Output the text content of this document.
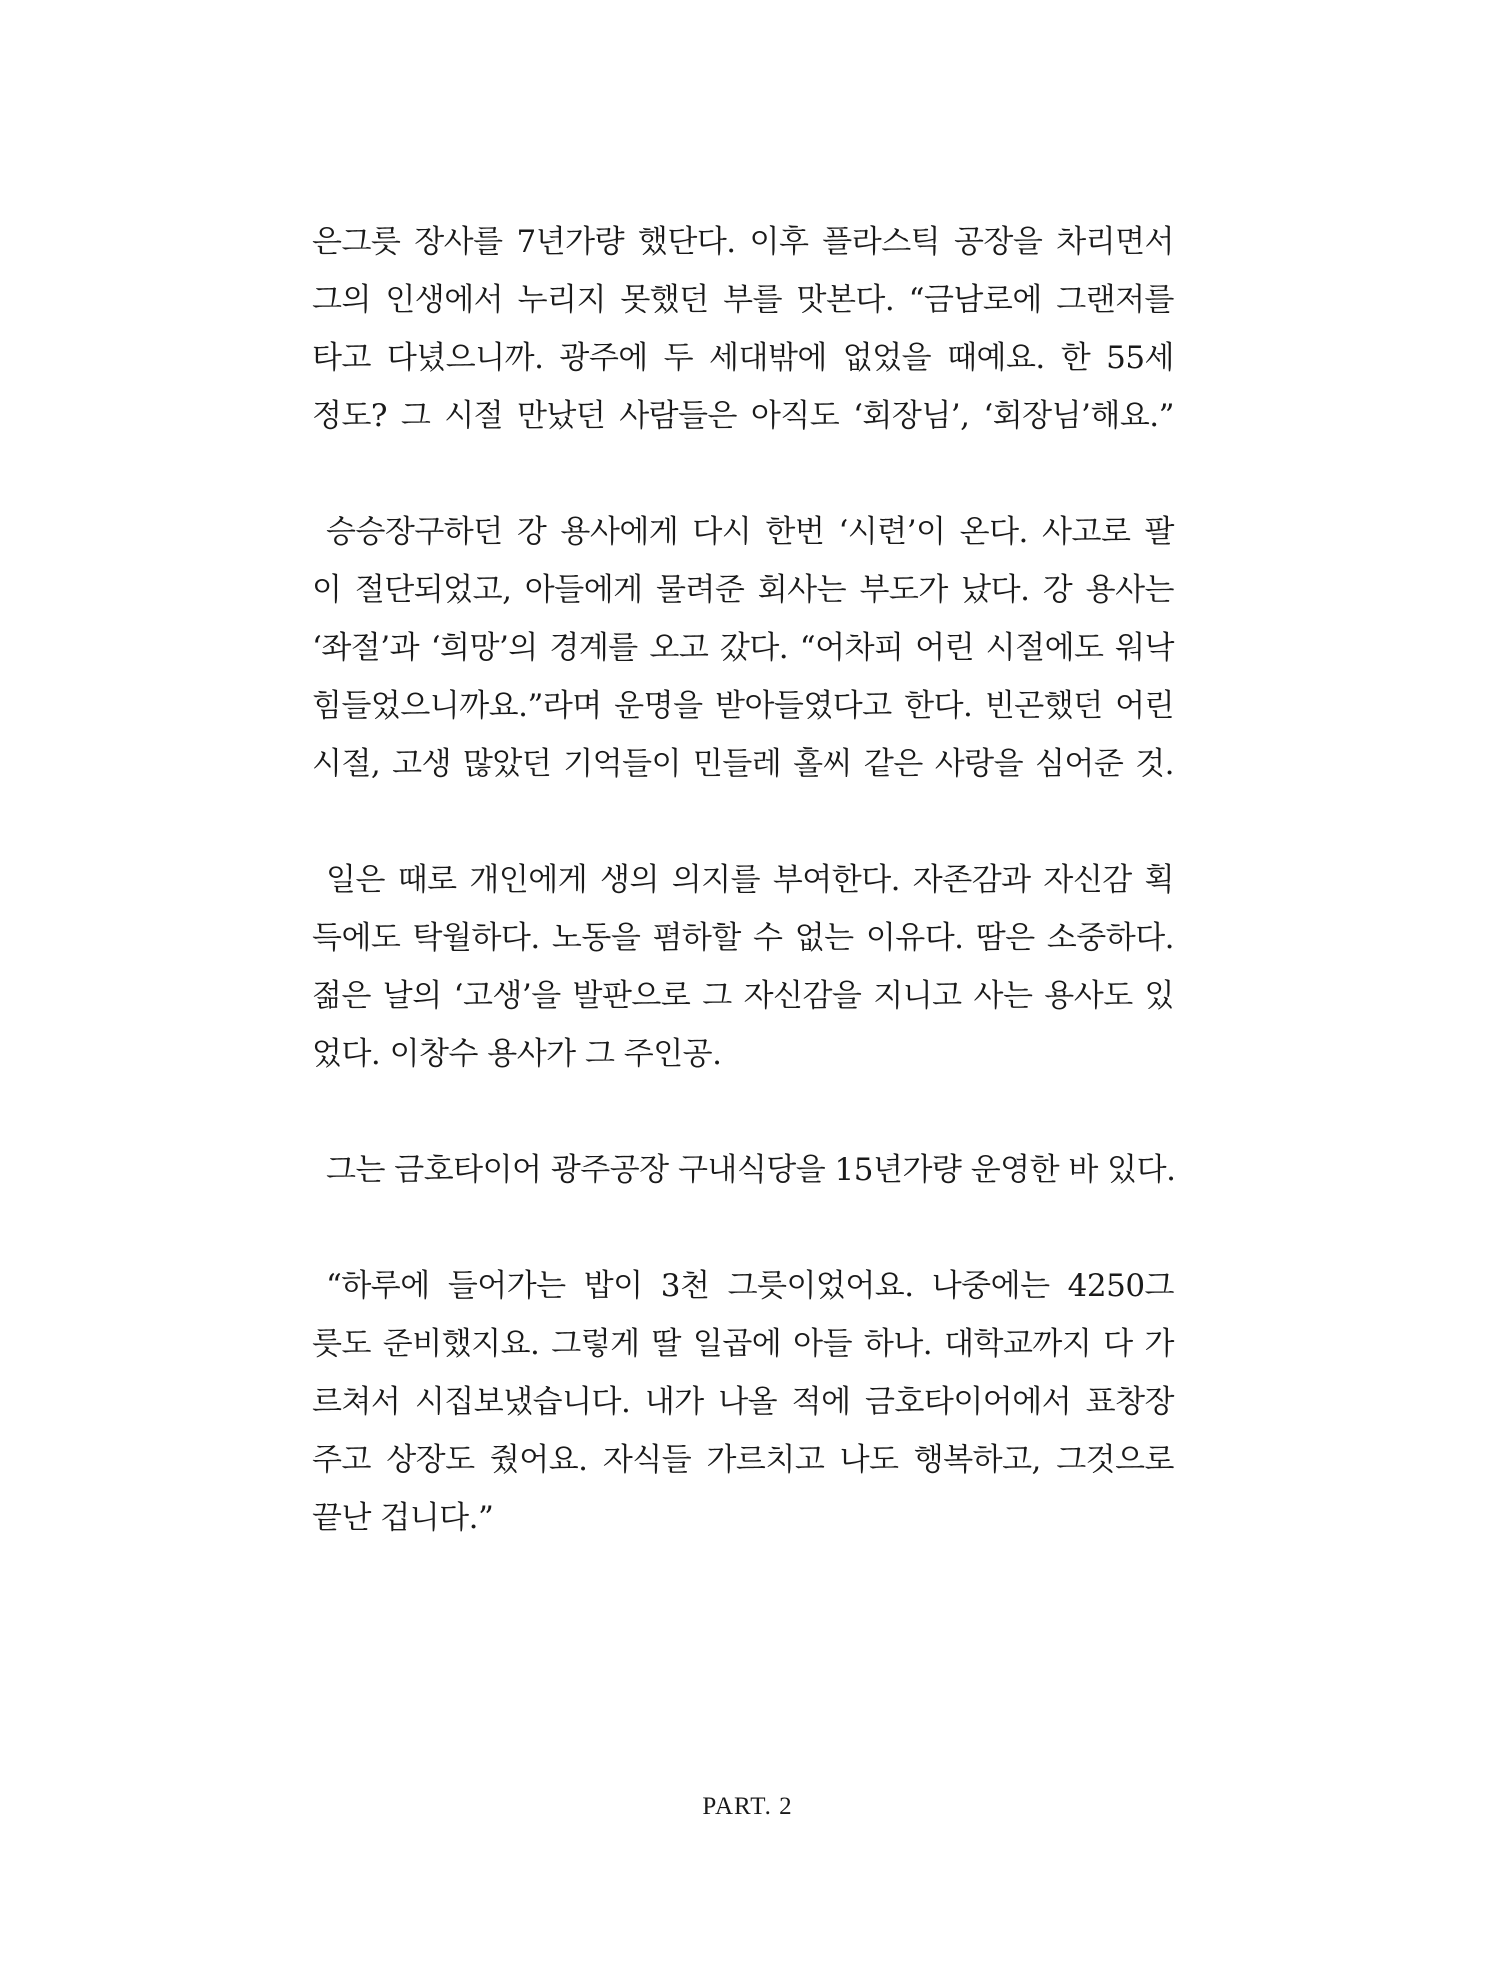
은그릇 장사를 7년가량 했단다. 이후 플라스틱 공장을 차리면서
그의 인생에서 누리지 못했던 부를 맛본다. “금남로에 그랜저를
타고 다녔으니까. 광주에 두 세대밖에 없었을 때예요. 한 55세
정도? 그 시절 만났던 사람들은 아직도 ‘회장님’, ‘회장님’해요.”
승승장구하던 강 용사에게 다시 한번 ‘시련’이 온다. 사고로 팔
이 절단되었고, 아들에게 물려준 회사는 부도가 났다. 강 용사는
‘좌절’과 ‘희망’의 경계를 오고 갔다. “어차피 어린 시절에도 워낙
힘들었으니까요.”라며 운명을 받아들였다고 한다. 빈곤했던 어린
시절, 고생 많았던 기억들이 민들레 홀씨 같은 사랑을 심어준 것.
일은 때로 개인에게 생의 의지를 부여한다. 자존감과 자신감 획
득에도 탁월하다. 노동을 폄하할 수 없는 이유다. 땀은 소중하다.
젊은 날의 ‘고생’을 발판으로 그 자신감을 지니고 사는 용사도 있
었다. 이창수 용사가 그 주인공.
그는 금호타이어 광주공장 구내식당을 15년가량 운영한 바 있다.
“하루에 들어가는 밥이 3천 그릇이었어요. 나중에는 4250그
릇도 준비했지요. 그렇게 딸 일곱에 아들 하나. 대학교까지 다 가
르쳐서 시집보냈습니다. 내가 나올 적에 금호타이어에서 표창장
주고 상장도 줬어요. 자식들 가르치고 나도 행복하고, 그것으로
끝난 겁니다.”
PART. 2
